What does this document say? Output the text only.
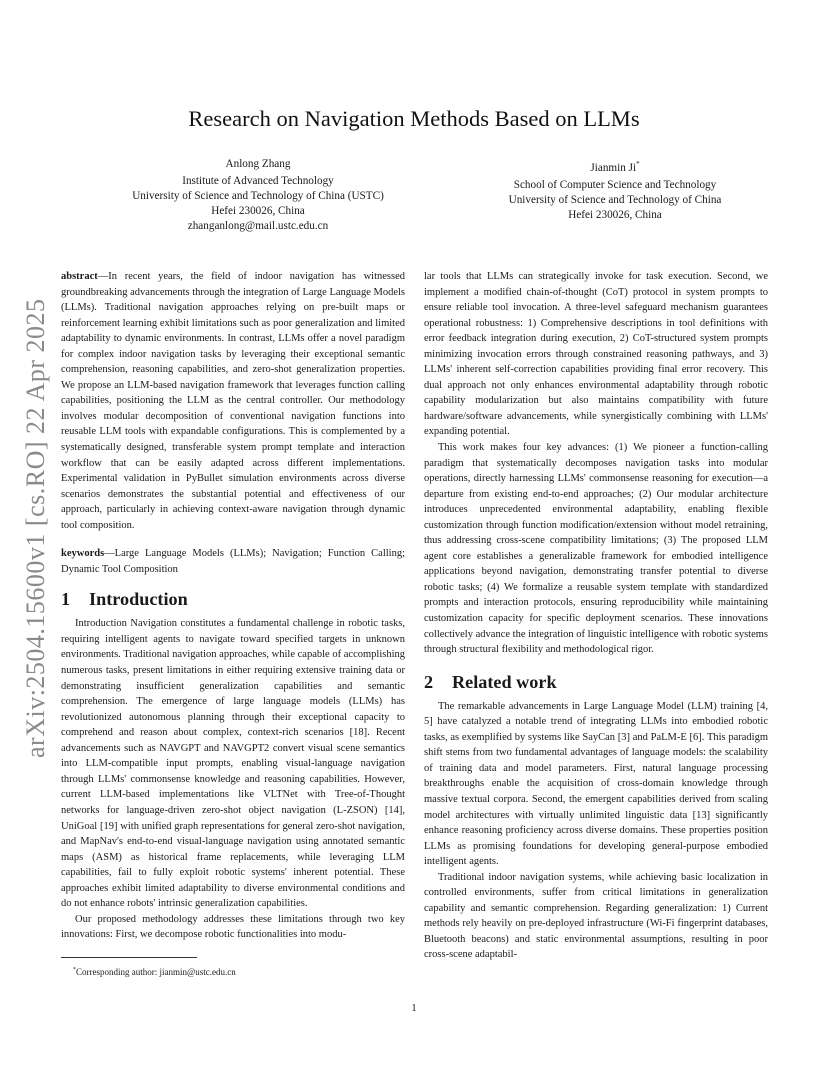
arXiv:2504.15600v1 [cs.RO] 22 Apr 2025
Research on Navigation Methods Based on LLMs
Anlong Zhang
Institute of Advanced Technology
University of Science and Technology of China (USTC)
Hefei 230026, China
zhanganlong@mail.ustc.edu.cn
Jianmin Ji*
School of Computer Science and Technology
University of Science and Technology of China
Hefei 230026, China

abstract—In recent years, the field of indoor navigation has witnessed groundbreaking advancements through the integration of Large Language Models (LLMs). Traditional navigation approaches relying on pre-built maps or reinforcement learning exhibit limitations such as poor generalization and limited adaptability to dynamic environments. In contrast, LLMs offer a novel paradigm for complex indoor navigation tasks by leveraging their exceptional semantic comprehension, reasoning capabilities, and zero-shot generalization properties. We propose an LLM-based navigation framework that leverages function calling capabilities, positioning the LLM as the central controller. Our methodology involves modular decomposition of conventional navigation functions into reusable LLM tools with expandable configurations. This is complemented by a systematically designed, transferable system prompt template and interaction workflow that can be easily adapted across different implementations. Experimental validation in PyBullet simulation environments across diverse scenarios demonstrates the substantial potential and effectiveness of our approach, particularly in achieving context-aware navigation through dynamic tool composition.

keywords—Large Language Models (LLMs); Navigation; Function Calling; Dynamic Tool Composition

1 Introduction

Introduction Navigation constitutes a fundamental challenge in robotic tasks, requiring intelligent agents to navigate toward specified targets in unknown environments. Traditional navigation approaches, while capable of accomplishing numerous tasks, present limitations in either requiring extensive training data or demonstrating insufficient generalization capabilities and semantic comprehension. The emergence of large language models (LLMs) has revolutionized autonomous planning through their exceptional capacity to comprehend and reason about complex, context-rich scenarios [18]. Recent advancements such as NAVGPT and NAVGPT2 convert visual scene semantics into LLM-compatible input prompts, enabling visual-language navigation through LLMs' commonsense knowledge and reasoning capabilities. However, current LLM-based implementations like VLTNet with Tree-of-Thought networks for language-driven zero-shot object navigation (L-ZSON) [14], UniGoal [19] with unified graph representations for general zero-shot navigation, and MapNav's end-to-end visual-language navigation using annotated semantic maps (ASM) as historical frame replacements, while leveraging LLM capabilities, fail to fully exploit robotic systems' inherent potential. These approaches exhibit limited adaptability to diverse environmental conditions and do not enhance robots' intrinsic generalization capabilities.

Our proposed methodology addresses these limitations through two key innovations: First, we decompose robotic functionalities into modu-

lar tools that LLMs can strategically invoke for task execution. Second, we implement a modified chain-of-thought (CoT) protocol in system prompts to ensure reliable tool invocation. A three-level safeguard mechanism guarantees operational robustness: 1) Comprehensive descriptions in tool definitions with error feedback integration during execution, 2) CoT-structured system prompts minimizing invocation errors through constrained reasoning pathways, and 3) LLMs' inherent self-correction capabilities providing final error recovery. This dual approach not only enhances environmental adaptability through robotic capability modularization but also maintains compatibility with future hardware/software advancements, while synergistically combining with LLMs' expanding potential.

This work makes four key advances: (1) We pioneer a function-calling paradigm that systematically decomposes navigation tasks into modular operations, directly harnessing LLMs' commonsense reasoning for execution—a departure from existing end-to-end approaches; (2) Our modular architecture introduces unprecedented environmental adaptability, enabling flexible customization through function modification/extension without model retraining, thus addressing cross-scene compatibility limitations; (3) The proposed LLM agent core establishes a generalizable framework for embodied intelligence applications beyond navigation, demonstrating transfer potential to diverse robotic tasks; (4) We formalize a reusable system template with standardized prompts and interaction protocols, ensuring reproducibility while maintaining customization capacity for specific deployment scenarios. These innovations collectively advance the integration of linguistic intelligence with robotic systems through structural flexibility and methodological rigor.

2 Related work

The remarkable advancements in Large Language Model (LLM) training [4, 5] have catalyzed a notable trend of integrating LLMs into embodied robotic tasks, as exemplified by systems like SayCan [3] and PaLM-E [6]. This paradigm shift stems from two fundamental advantages of language models: the scalability of training data and model parameters. First, natural language processing breakthroughs enable the acquisition of cross-domain knowledge through massive textual corpora. Second, the emergent capabilities derived from scaling model architectures with virtually unlimited linguistic data [13] significantly enhance reasoning proficiency across diverse domains. These properties position LLMs as promising foundations for developing general-purpose embodied intelligent agents.

Traditional indoor navigation systems, while achieving basic localization in controlled environments, suffer from critical limitations in generalization capability and semantic comprehension. Regarding generalization: 1) Current methods rely heavily on pre-deployed infrastructure (Wi-Fi fingerprint databases, Bluetooth beacons) and static environmental assumptions, resulting in poor cross-scene adaptabil-

*Corresponding author: jianmin@ustc.edu.cn
1
